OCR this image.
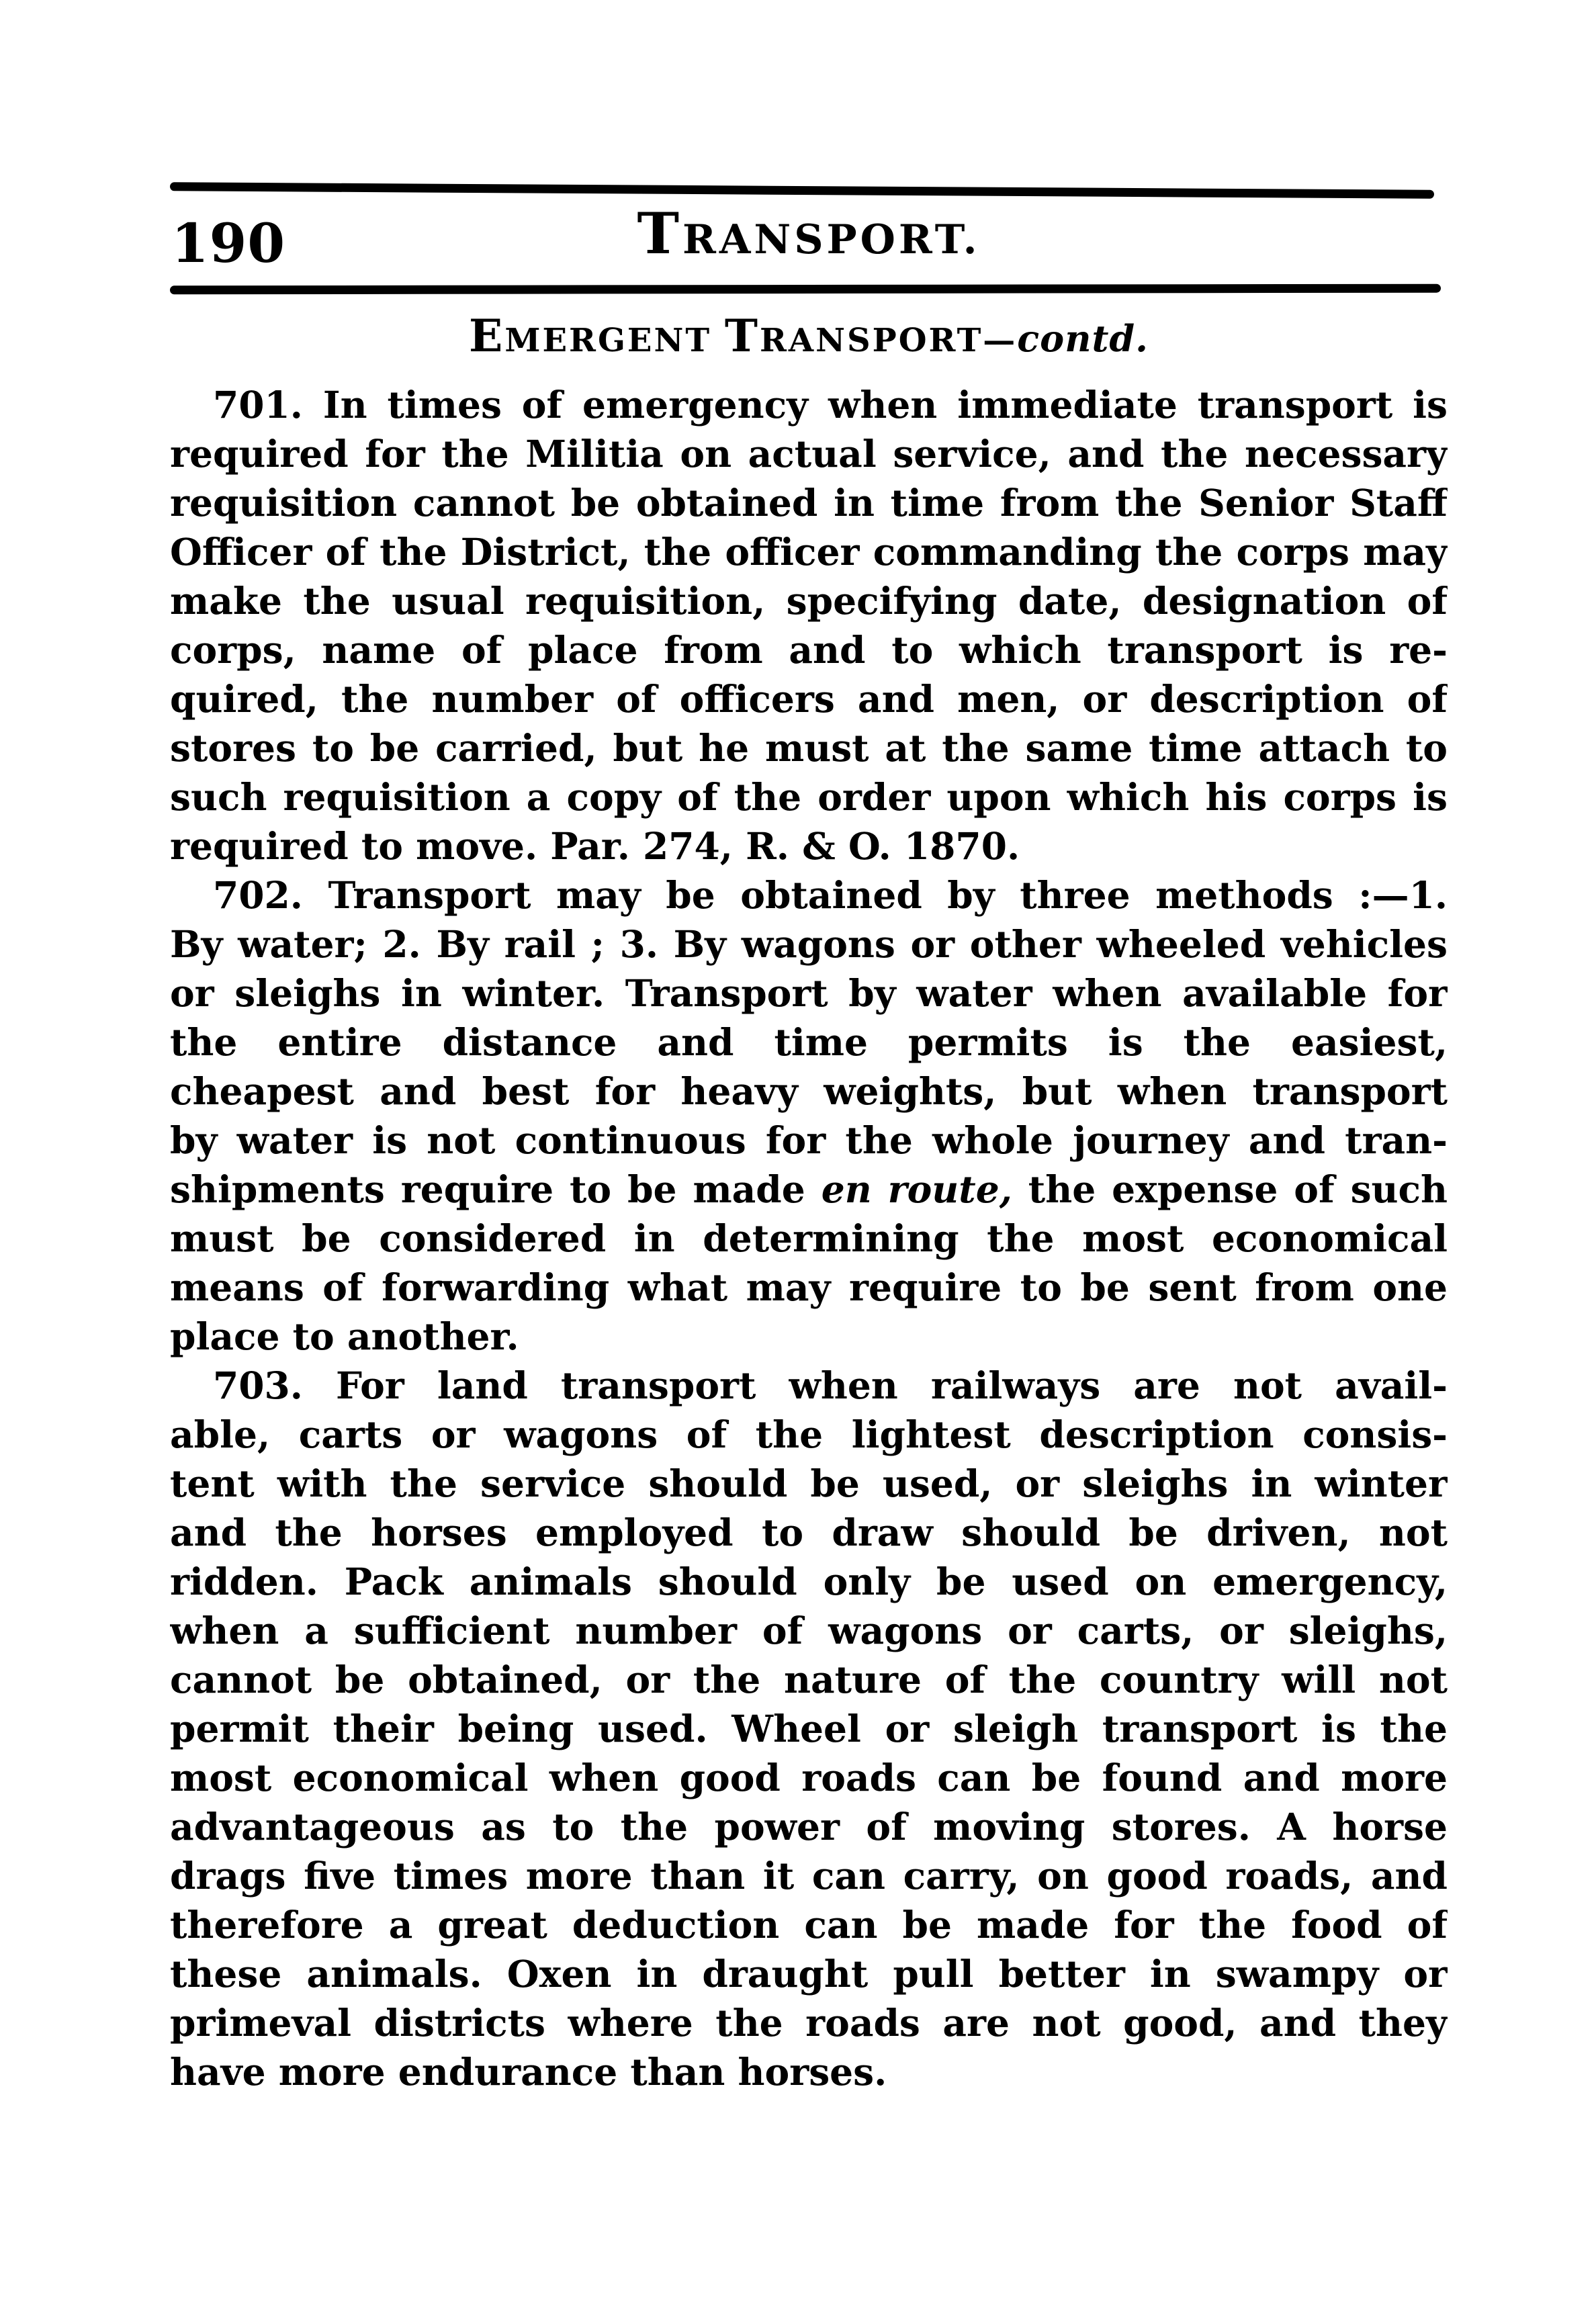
190	TRANSPORT.
EMERGENT TRANSPORT—contd.
701. In times of emergency when immediate transport is
required for the Militia on actual service, and the necessary
requisition cannot be obtained in time from the Senior Staff
Officer of the District, the officer commanding the corps may
make the usual requisition, specifying date, designation of
corps, name of place from and to which transport is re-
quired, the number of officers and men, or description of
stores to be carried, but he must at the same time attach to
such requisition a copy of the order upon which his corps is
required to move. Par. 274, R. & O. 1870.
702. Transport may be obtained by three methods :—1.
By water; 2. By rail ; 3. By wagons or other wheeled vehicles
or sleighs in winter. Transport by water when available for
the entire distance and time permits is the easiest,
cheapest and best for heavy weights, but when transport
by water is not continuous for the whole journey and tran-
shipments require to be made en route, the expense of such
must be considered in determining the most economical
means of forwarding what may require to be sent from one
place to another.
703. For land transport when railways are not avail-
able, carts or wagons of the lightest description consis-
tent with the service should be used, or sleighs in winter
and the horses employed to draw should be driven, not
ridden. Pack animals should only be used on emergency,
when a sufficient number of wagons or carts, or sleighs,
cannot be obtained, or the nature of the country will not
permit their being used. Wheel or sleigh transport is the
most economical when good roads can be found and more
advantageous as to the power of moving stores. A horse
drags five times more than it can carry, on good roads, and
therefore a great deduction can be made for the food of
these animals. Oxen in draught pull better in swampy or
primeval districts where the roads are not good, and they
have more endurance than horses.
